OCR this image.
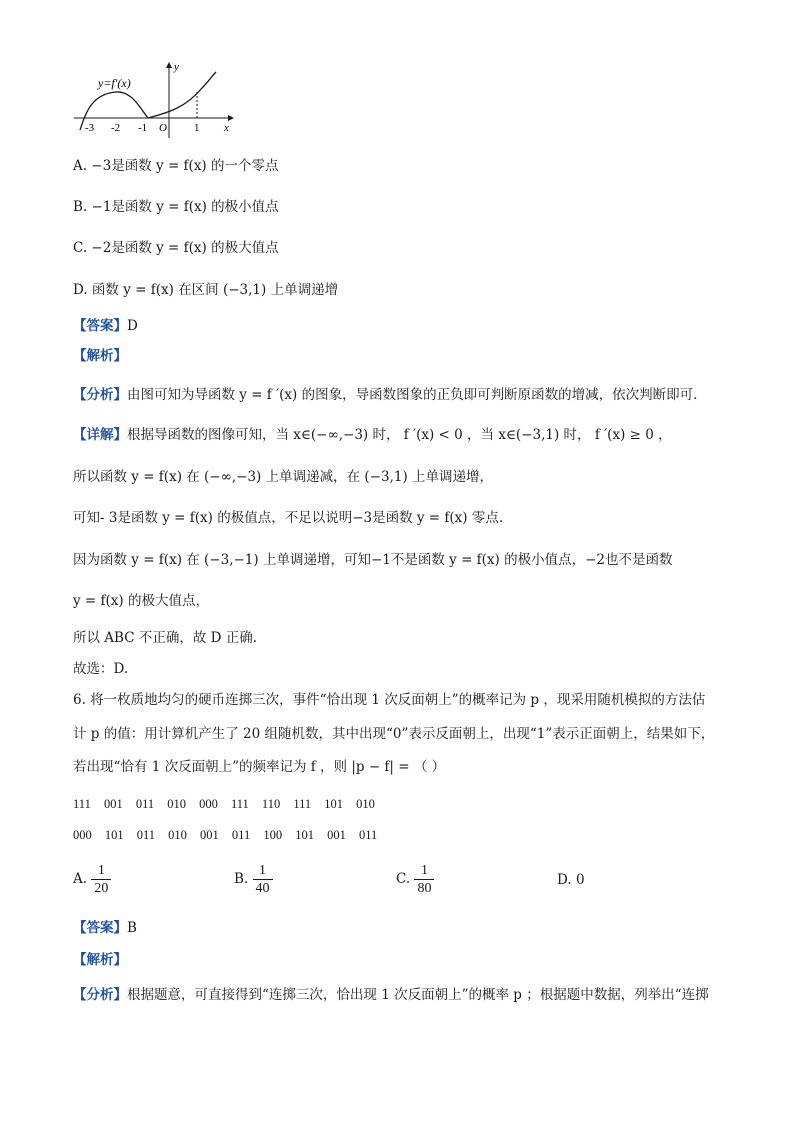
y=f′(x)
y
x
O
-3 -2 -1	1
A. −3是函数 y = f(x) 的一个零点
B. −1是函数 y = f(x) 的极小值点
C. −2是函数 y = f(x) 的极大值点
D. 函数 y = f(x) 在区间 (−3,1) 上单调递增
【答案】D
【解析】
【分析】由图可知为导函数 y = f ′(x) 的图象，导函数图象的正负即可判断原函数的增减，依次判断即可.
【详解】根据导函数的图像可知，当 x∈(−∞,−3) 时， f ′(x) < 0 ，当 x∈(−3,1) 时， f ′(x) ≥ 0 ，
所以函数 y = f(x) 在 (−∞,−3) 上单调递减，在 (−3,1) 上单调递增，
可知- 3是函数 y = f(x) 的极值点，不足以说明−3是函数 y = f(x) 零点.
因为函数 y = f(x) 在 (−3,−1) 上单调递增，可知−1不是函数 y = f(x) 的极小值点，−2也不是函数
y = f(x) 的极大值点，
所以 ABC 不正确，故 D 正确.
故选：D.
6. 将一枚质地均匀的硬币连掷三次，事件“恰出现 1 次反面朝上”的概率记为 p ，现采用随机模拟的方法估
计 p 的值：用计算机产生了 20 组随机数，其中出现“0”表示反面朝上，出现“1”表示正面朝上，结果如下，
若出现“恰有 1 次反面朝上”的频率记为 f ，则 |p − f| = （ ）
111 001 011 010 000 111 110 111 101 010
000 101 011 010 001 011 100 101 001 011
A. $\frac{1}{20}$	B. $\frac{1}{40}$	C. $\frac{1}{80}$	D. 0
【答案】B
【解析】
【分析】根据题意，可直接得到“连掷三次，恰出现 1 次反面朝上”的概率 p ；根据题中数据，列举出“连掷
